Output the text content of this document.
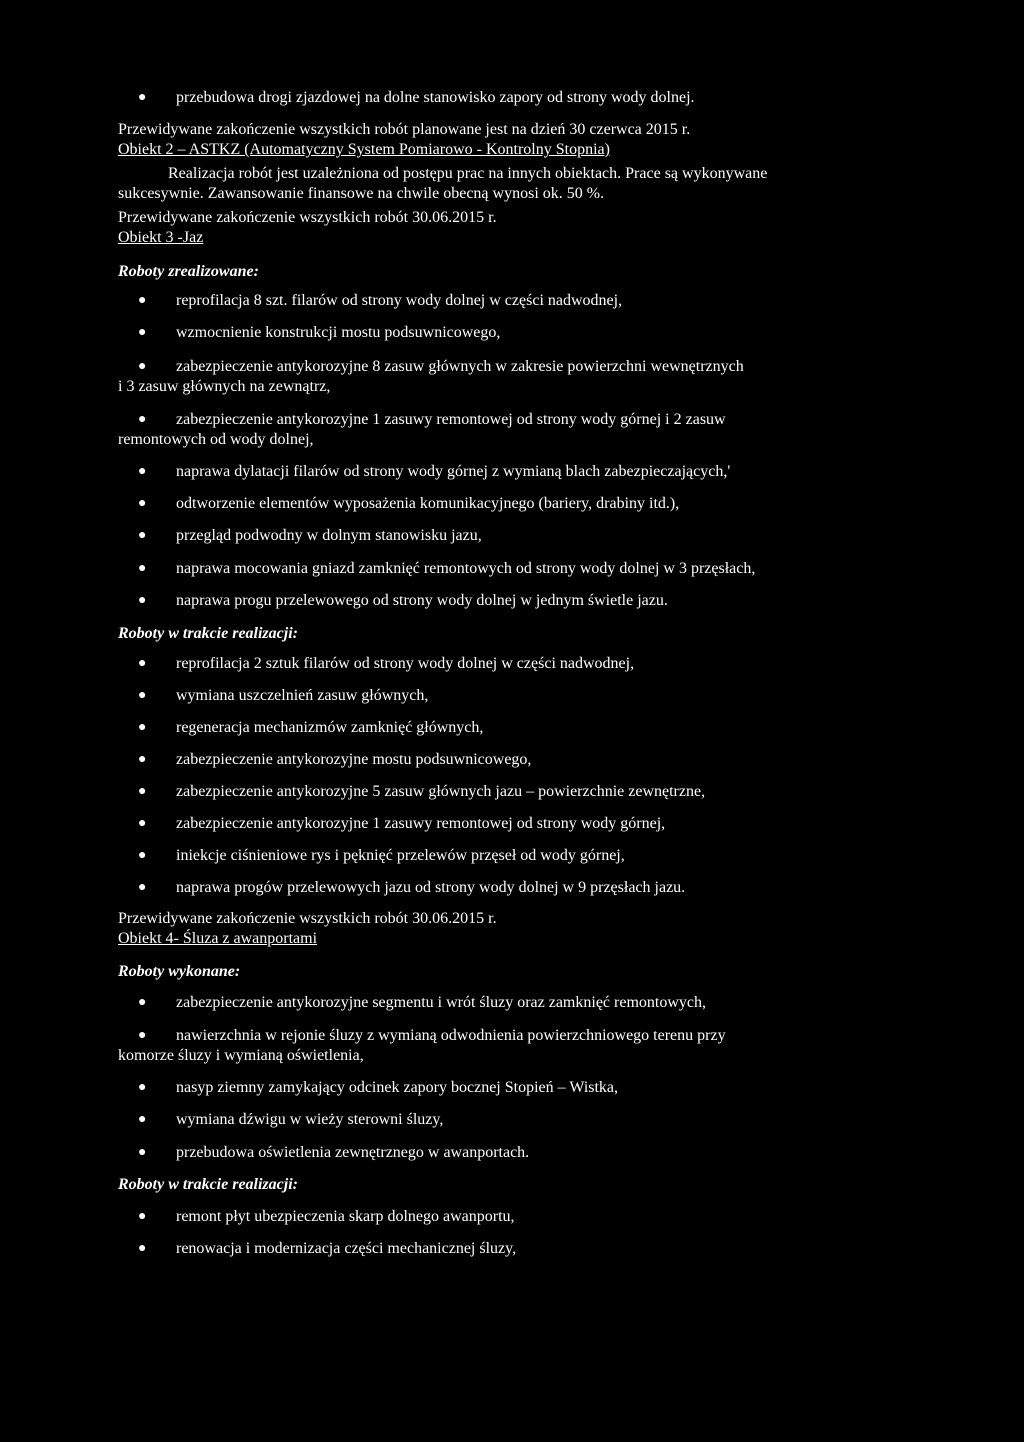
●	przebudowa drogi zjazdowej na dolne stanowisko zapory od strony wody dolnej.
Przewidywane zakończenie wszystkich robót planowane jest na dzień 30 czerwca 2015 r.
Obiekt 2 – ASTKZ (Automatyczny System Pomiarowo - Kontrolny Stopnia)
Realizacja robót jest uzależniona od postępu prac na innych obiektach. Prace są wykonywane
sukcesywnie. Zawansowanie finansowe na chwile obecną wynosi ok. 50 %.
Przewidywane zakończenie wszystkich robót 30.06.2015 r.
Obiekt 3 -Jaz
Roboty zrealizowane:
●	reprofilacja 8 szt. filarów od strony wody dolnej w części nadwodnej,
●	wzmocnienie konstrukcji mostu podsuwnicowego,
●	zabezpieczenie antykorozyjne 8 zasuw głównych w zakresie powierzchni wewnętrznych
i 3 zasuw głównych na zewnątrz,
●	zabezpieczenie antykorozyjne 1 zasuwy remontowej od strony wody górnej i 2 zasuw
remontowych od wody dolnej,
●	naprawa dylatacji filarów od strony wody górnej z wymianą blach zabezpieczających,'
●	odtworzenie elementów wyposażenia komunikacyjnego (bariery, drabiny itd.),
●	przegląd podwodny w dolnym stanowisku jazu,
●	naprawa mocowania gniazd zamknięć remontowych od strony wody dolnej w 3 przęsłach,
●	naprawa progu przelewowego od strony wody dolnej w jednym świetle jazu.
Roboty w trakcie realizacji:
●	reprofilacja 2 sztuk filarów od strony wody dolnej w części nadwodnej,
●	wymiana uszczelnień zasuw głównych,
●	regeneracja mechanizmów zamknięć głównych,
●	zabezpieczenie antykorozyjne mostu podsuwnicowego,
●	zabezpieczenie antykorozyjne 5 zasuw głównych jazu – powierzchnie zewnętrzne,
●	zabezpieczenie antykorozyjne 1 zasuwy remontowej od strony wody górnej,
●	iniekcje ciśnieniowe rys i pęknięć przelewów przęseł od wody górnej,
●	naprawa progów przelewowych jazu od strony wody dolnej w 9 przęsłach jazu.
Przewidywane zakończenie wszystkich robót 30.06.2015 r.
Obiekt 4- Śluza z awanportami
Roboty wykonane:
●	zabezpieczenie antykorozyjne segmentu i wrót śluzy oraz zamknięć remontowych,
●	nawierzchnia w rejonie śluzy z wymianą odwodnienia powierzchniowego terenu przy
komorze śluzy i wymianą oświetlenia,
●	nasyp ziemny zamykający odcinek zapory bocznej Stopień – Wistka,
●	wymiana dźwigu w wieży sterowni śluzy,
●	przebudowa oświetlenia zewnętrznego w awanportach.
Roboty w trakcie realizacji:
●	remont płyt ubezpieczenia skarp dolnego awanportu,
●	renowacja i modernizacja części mechanicznej śluzy,
